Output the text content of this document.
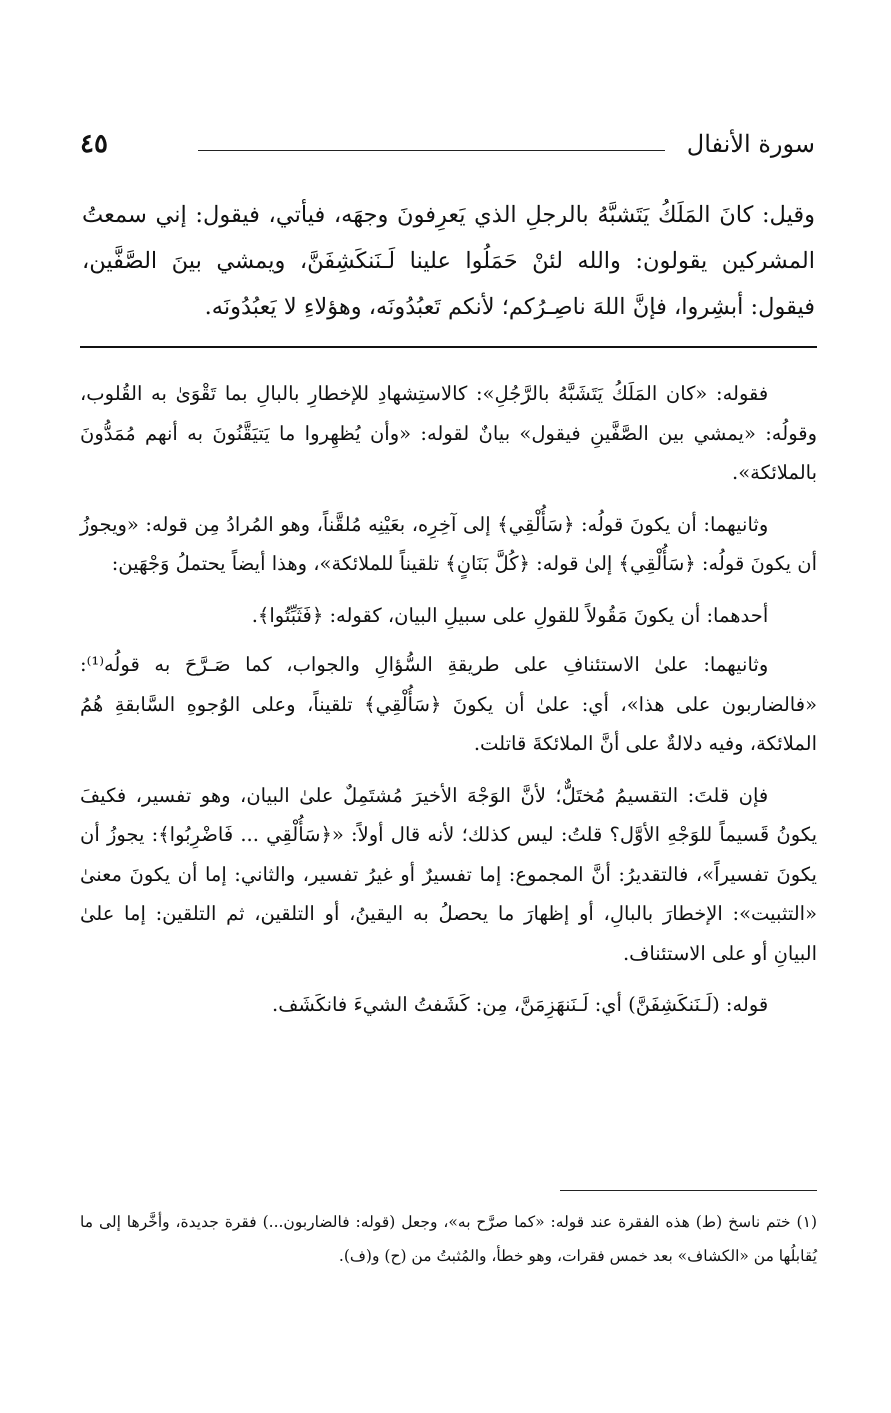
سورة الأنفال
٤٥

وقيل: كانَ المَلَكُ يَتَشبَّهُ بالرجلِ الذي يَعرِفونَ وجهَه، فيأتي، فيقول: إني سمعتُ المشركين يقولون: والله لئنْ حَمَلُوا علينا لَـنَنكَشِفَنَّ، ويمشي بينَ الصَّفَّين، فيقول: أبشِروا، فإنَّ اللهَ ناصِـرُكم؛ لأنكم تَعبُدُونَه، وهؤلاءِ لا يَعبُدُونَه.

فقوله: «كان المَلَكُ يَتَشَبَّهُ بالرَّجُلِ»: كالاستِشهادِ للإخطارِ بالبالِ بما تَقْوَىٰ به القُلوب، وقولُه: «يمشي بين الصَّفَّينِ فيقول» بيانٌ لقوله: «وأن يُظهِروا ما يَتيَقَّنُونَ به أنهم مُمَدُّونَ بالملائكة».

وثانيهما: أن يكونَ قولُه: ﴿سَأُلْقِي﴾ إلى آخِرِه، بعَيْنِه مُلقَّناً، وهو المُرادُ مِن قوله: «ويجوزُ أن يكونَ قولُه: ﴿سَأُلْقِي﴾ إلىٰ قوله: ﴿كُلَّ بَنَانٍ﴾ تلقيناً للملائكة»، وهذا أيضاً يحتملُ وَجْهَين:

أحدهما: أن يكونَ مَقُولاً للقولِ على سبيلِ البيان، كقوله: ﴿فَثَبِّتُوا﴾.

وثانيهما: علىٰ الاستئنافِ على طريقةِ السُّؤالِ والجواب، كما صَـرَّحَ به قولُه⁽¹⁾: «فالضاربون على هذا»، أي: علىٰ أن يكونَ ﴿سَأُلْقِي﴾ تلقيناً، وعلى الوُجوهِ السَّابقةِ هُمُ الملائكة، وفيه دلالةٌ على أنَّ الملائكةَ قاتلت.

فإن قلتَ: التقسيمُ مُختَلٌّ؛ لأنَّ الوَجْهَ الأخيرَ مُشتَمِلٌ علىٰ البيان، وهو تفسير، فكيفَ يكونُ قَسيماً للوَجْهِ الأوَّل؟ قلتُ: ليس كذلك؛ لأنه قال أولاً: «﴿سَأُلْقِي ... فَاضْرِبُوا﴾: يجوزُ أن يكونَ تفسيراً»، فالتقديرُ: أنَّ المجموع: إما تفسيرٌ أو غيرُ تفسير، والثاني: إما أن يكونَ معنىٰ «التثبيت»: الإخطارَ بالبالِ، أو إظهارَ ما يحصلُ به اليقينُ، أو التلقين، ثم التلقين: إما علىٰ البيانِ أو على الاستئناف.

قوله: (لَـنَنكَشِفَنَّ) أي: لَـنَنهَزِمَنَّ، مِن: كَشَفتُ الشيءَ فانكَشَف.

(١) ختم ناسخ (ط) هذه الفقرة عند قوله: «كما صرَّح به»، وجعل (قوله: فالضاربون...) فقرة جديدة، وأخَّرها إلى ما يُقابلُها من «الكشاف» بعد خمس فقرات، وهو خطأ، والمُثبتُ من (ح) و(ف).
